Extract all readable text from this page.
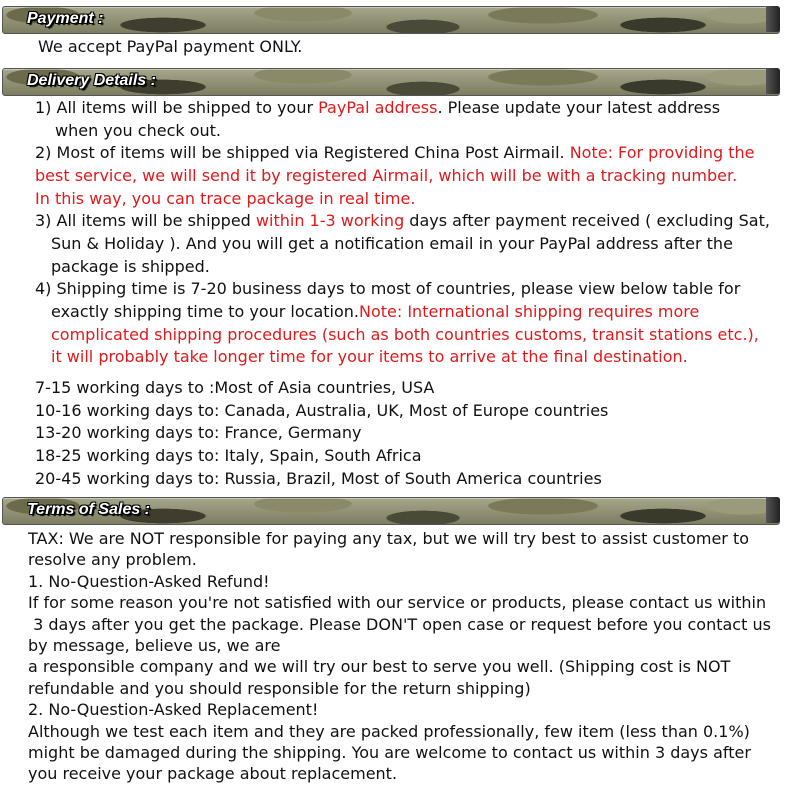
Payment :
We accept PayPal payment ONLY.
Delivery Details :
1) All items will be shipped to your PayPal address. Please update your latest address
when you check out.
2) Most of items will be shipped via Registered China Post Airmail. Note: For providing the
best service, we will send it by registered Airmail, which will be with a tracking number.
In this way, you can trace package in real time.
3) All items will be shipped within 1-3 working days after payment received ( excluding Sat,
Sun & Holiday ). And you will get a notification email in your PayPal address after the
package is shipped.
4) Shipping time is 7-20 business days to most of countries, please view below table for
exactly shipping time to your location.Note: International shipping requires more
complicated shipping procedures (such as both countries customs, transit stations etc.),
it will probably take longer time for your items to arrive at the final destination.
7-15 working days to :Most of Asia countries, USA
10-16 working days to: Canada, Australia, UK, Most of Europe countries
13-20 working days to: France, Germany
18-25 working days to: Italy, Spain, South Africa
20-45 working days to: Russia, Brazil, Most of South America countries
Terms of Sales :
TAX: We are NOT responsible for paying any tax, but we will try best to assist customer to
resolve any problem.
1. No-Question-Asked Refund!
If for some reason you're not satisfied with our service or products, please contact us within
3 days after you get the package. Please DON'T open case or request before you contact us
by message, believe us, we are
a responsible company and we will try our best to serve you well. (Shipping cost is NOT
refundable and you should responsible for the return shipping)
2. No-Question-Asked Replacement!
Although we test each item and they are packed professionally, few item (less than 0.1%)
might be damaged during the shipping. You are welcome to contact us within 3 days after
you receive your package about replacement.
